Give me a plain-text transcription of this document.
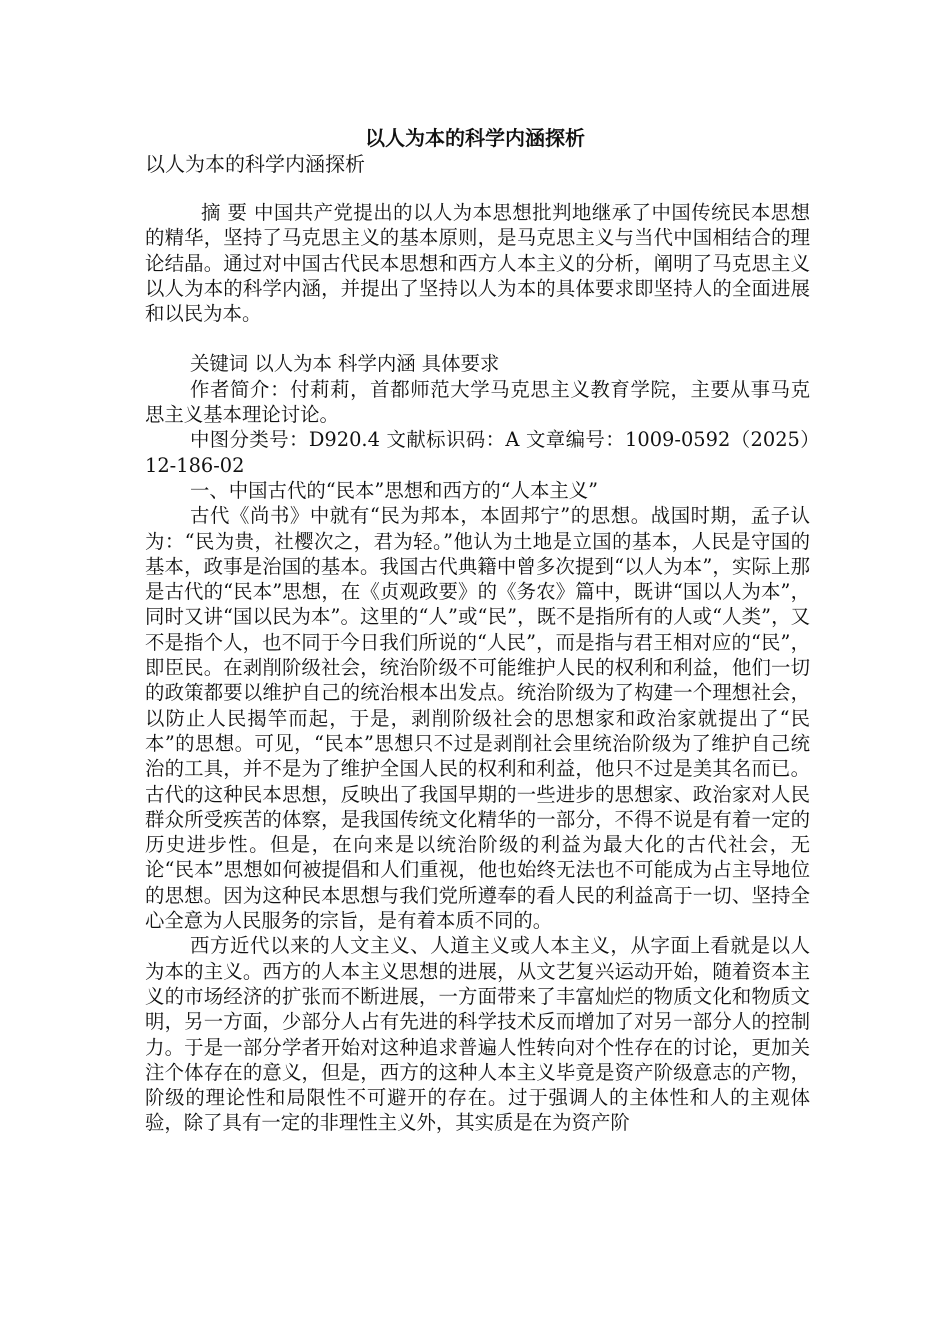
以人为本的科学内涵探析

以人为本的科学内涵探析

摘 要 中国共产党提出的以人为本思想批判地继承了中国传统民本思想的精华，坚持了马克思主义的基本原则，是马克思主义与当代中国相结合的理论结晶。通过对中国古代民本思想和西方人本主义的分析，阐明了马克思主义以人为本的科学内涵，并提出了坚持以人为本的具体要求即坚持人的全面进展和以民为本。

关键词 以人为本 科学内涵 具体要求

作者简介：付莉莉，首都师范大学马克思主义教育学院，主要从事马克思主义基本理论讨论。

中图分类号：D920.4 文献标识码：A 文章编号：1009-0592（2025）12-186-02

一、中国古代的“民本”思想和西方的“人本主义”

古代《尚书》中就有“民为邦本，本固邦宁”的思想。战国时期，孟子认为：“民为贵，社樱次之，君为轻。”他认为土地是立国的基本，人民是守国的基本，政事是治国的基本。我国古代典籍中曾多次提到“以人为本”，实际上那是古代的“民本”思想，在《贞观政要》的《务农》篇中，既讲“国以人为本”，同时又讲“国以民为本”。这里的“人”或“民”，既不是指所有的人或“人类”，又不是指个人，也不同于今日我们所说的“人民”，而是指与君王相对应的“民”，即臣民。在剥削阶级社会，统治阶级不可能维护人民的权利和利益，他们一切的政策都要以维护自己的统治根本出发点。统治阶级为了构建一个理想社会，以防止人民揭竿而起，于是，剥削阶级社会的思想家和政治家就提出了“民本”的思想。可见，“民本”思想只不过是剥削社会里统治阶级为了维护自己统治的工具，并不是为了维护全国人民的权利和利益，他只不过是美其名而已。古代的这种民本思想，反映出了我国早期的一些进步的思想家、政治家对人民群众所受疾苦的体察，是我国传统文化精华的一部分，不得不说是有着一定的历史进步性。但是，在向来是以统治阶级的利益为最大化的古代社会，无论“民本”思想如何被提倡和人们重视，他也始终无法也不可能成为占主导地位的思想。因为这种民本思想与我们党所遵奉的看人民的利益高于一切、坚持全心全意为人民服务的宗旨，是有着本质不同的。

西方近代以来的人文主义、人道主义或人本主义，从字面上看就是以人为本的主义。西方的人本主义思想的进展，从文艺复兴运动开始，随着资本主义的市场经济的扩张而不断进展，一方面带来了丰富灿烂的物质文化和物质文明，另一方面，少部分人占有先进的科学技术反而增加了对另一部分人的控制力。于是一部分学者开始对这种追求普遍人性转向对个性存在的讨论，更加关注个体存在的意义，但是，西方的这种人本主义毕竟是资产阶级意志的产物，阶级的理论性和局限性不可避开的存在。过于强调人的主体性和人的主观体验，除了具有一定的非理性主义外，其实质是在为资产阶
